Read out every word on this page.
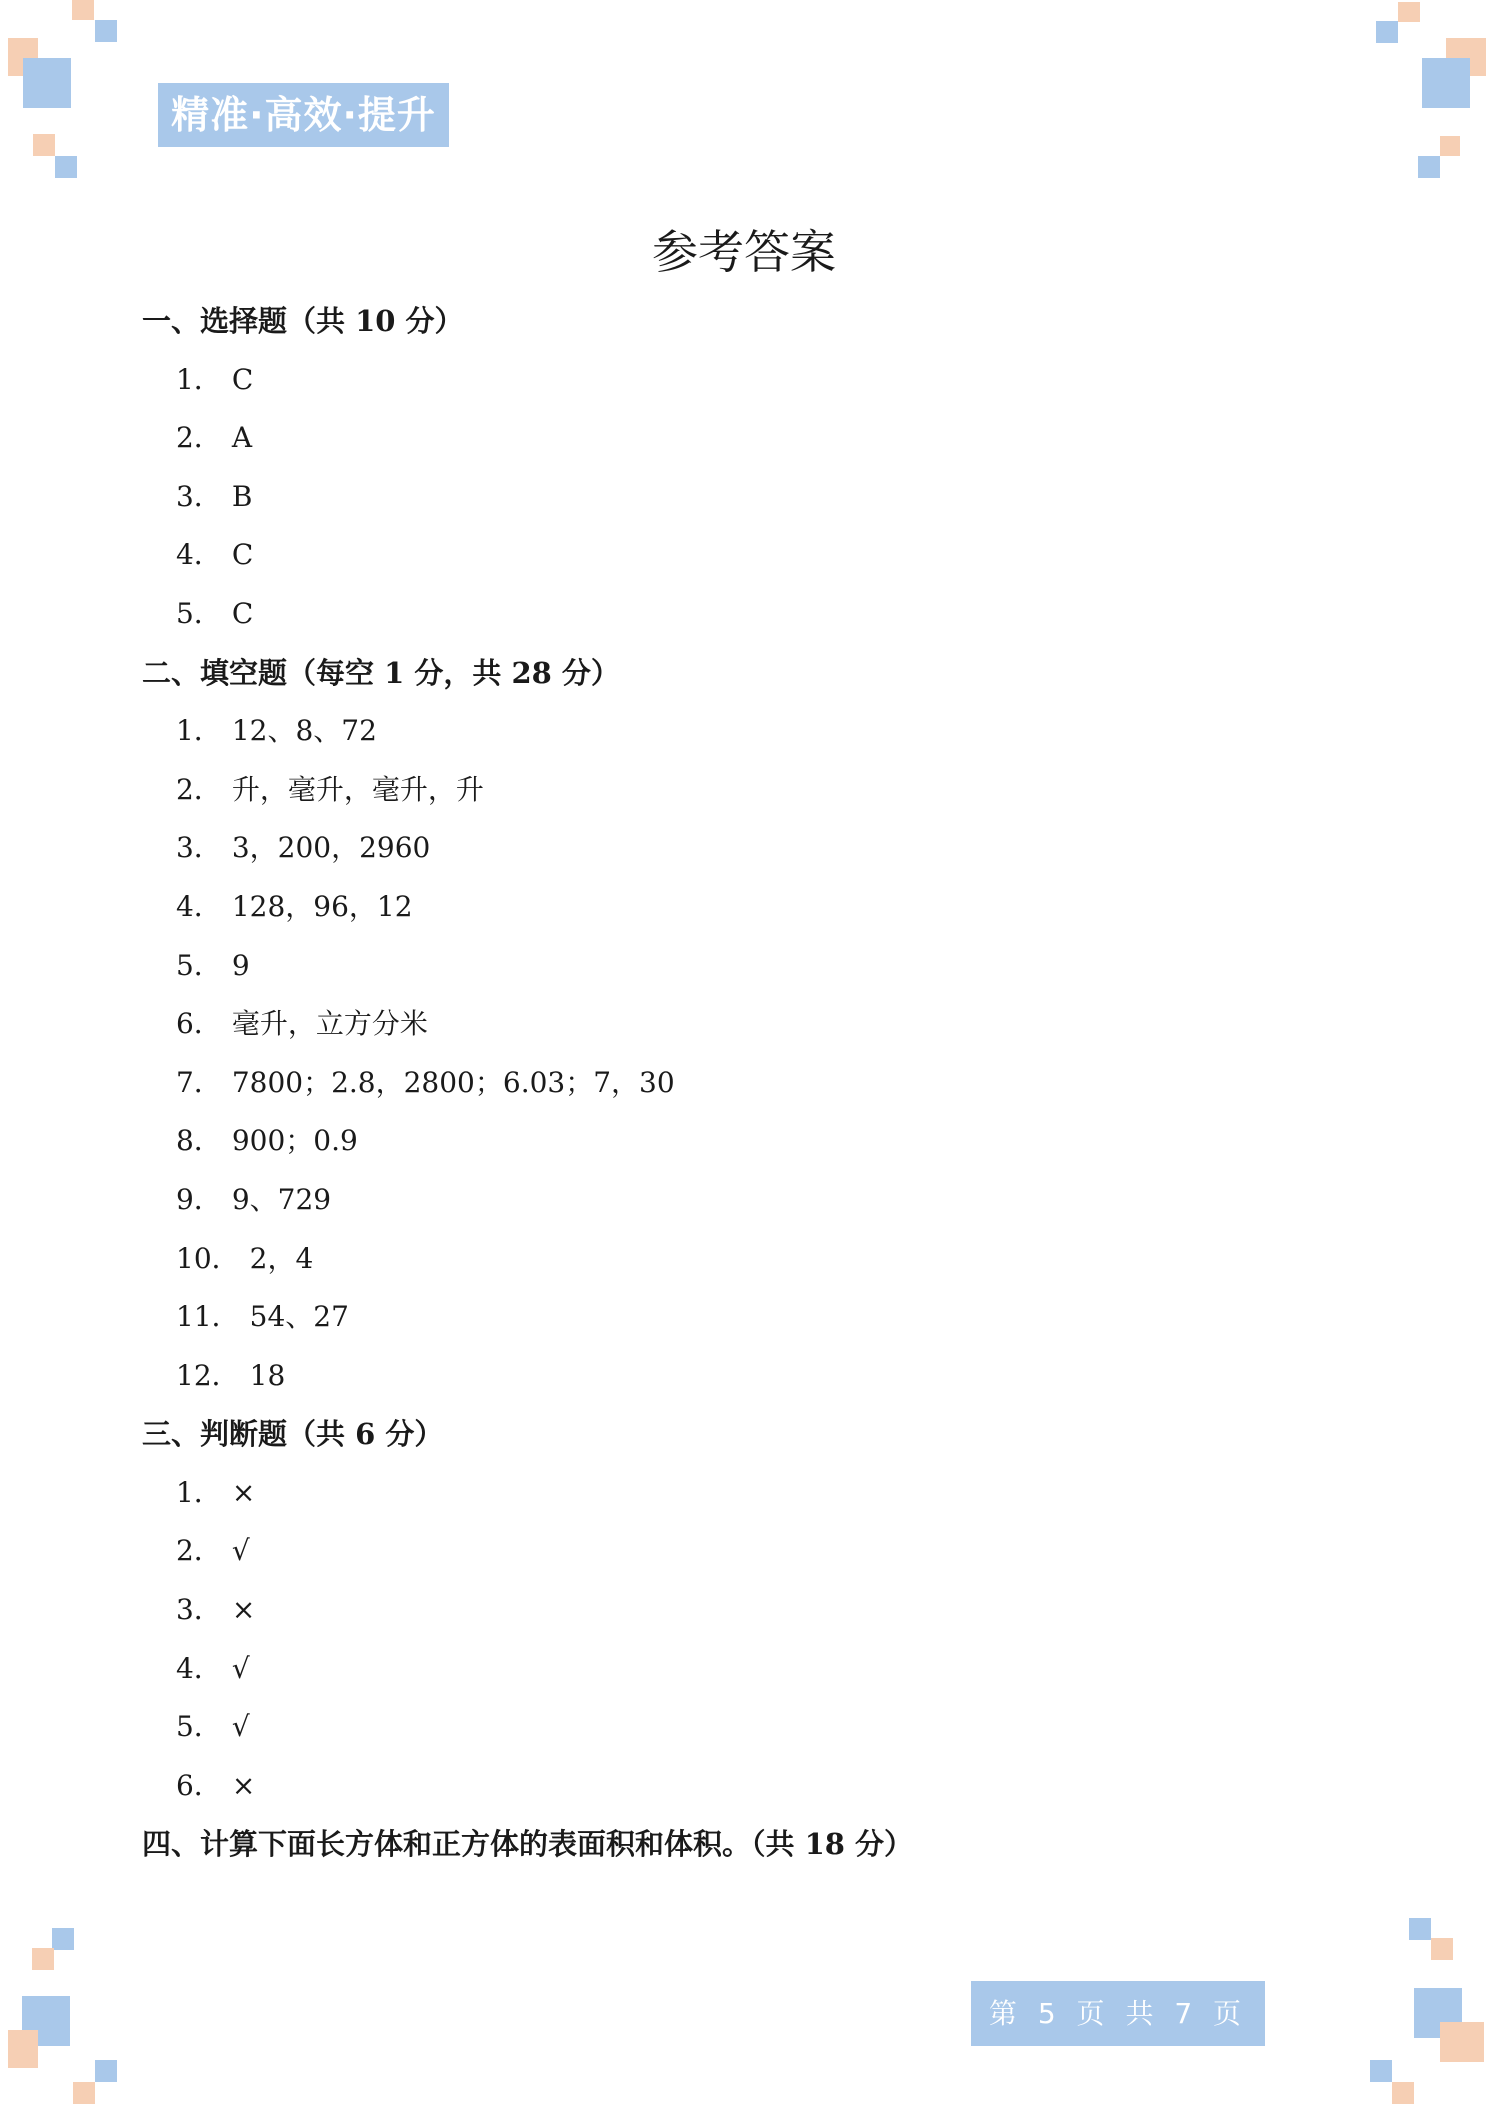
精准·高效·提升
参考答案
一、选择题（共 10 分）
1． C
2． A
3． B
4． C
5． C
二、填空题（每空 1 分，共 28 分）
1． 12、8、72
2． 升，毫升，毫升，升
3． 3，200，2960
4． 128，96，12
5． 9
6． 毫升，立方分米
7． 7800；2.8，2800；6.03；7，30
8． 900；0.9
9． 9、729
10． 2，4
11． 54、27
12． 18
三、判断题（共 6 分）
1． ×
2． √
3． ×
4． √
5． √
6． ×
四、计算下面长方体和正方体的表面积和体积。（共 18 分）
第 5 页 共 7 页
